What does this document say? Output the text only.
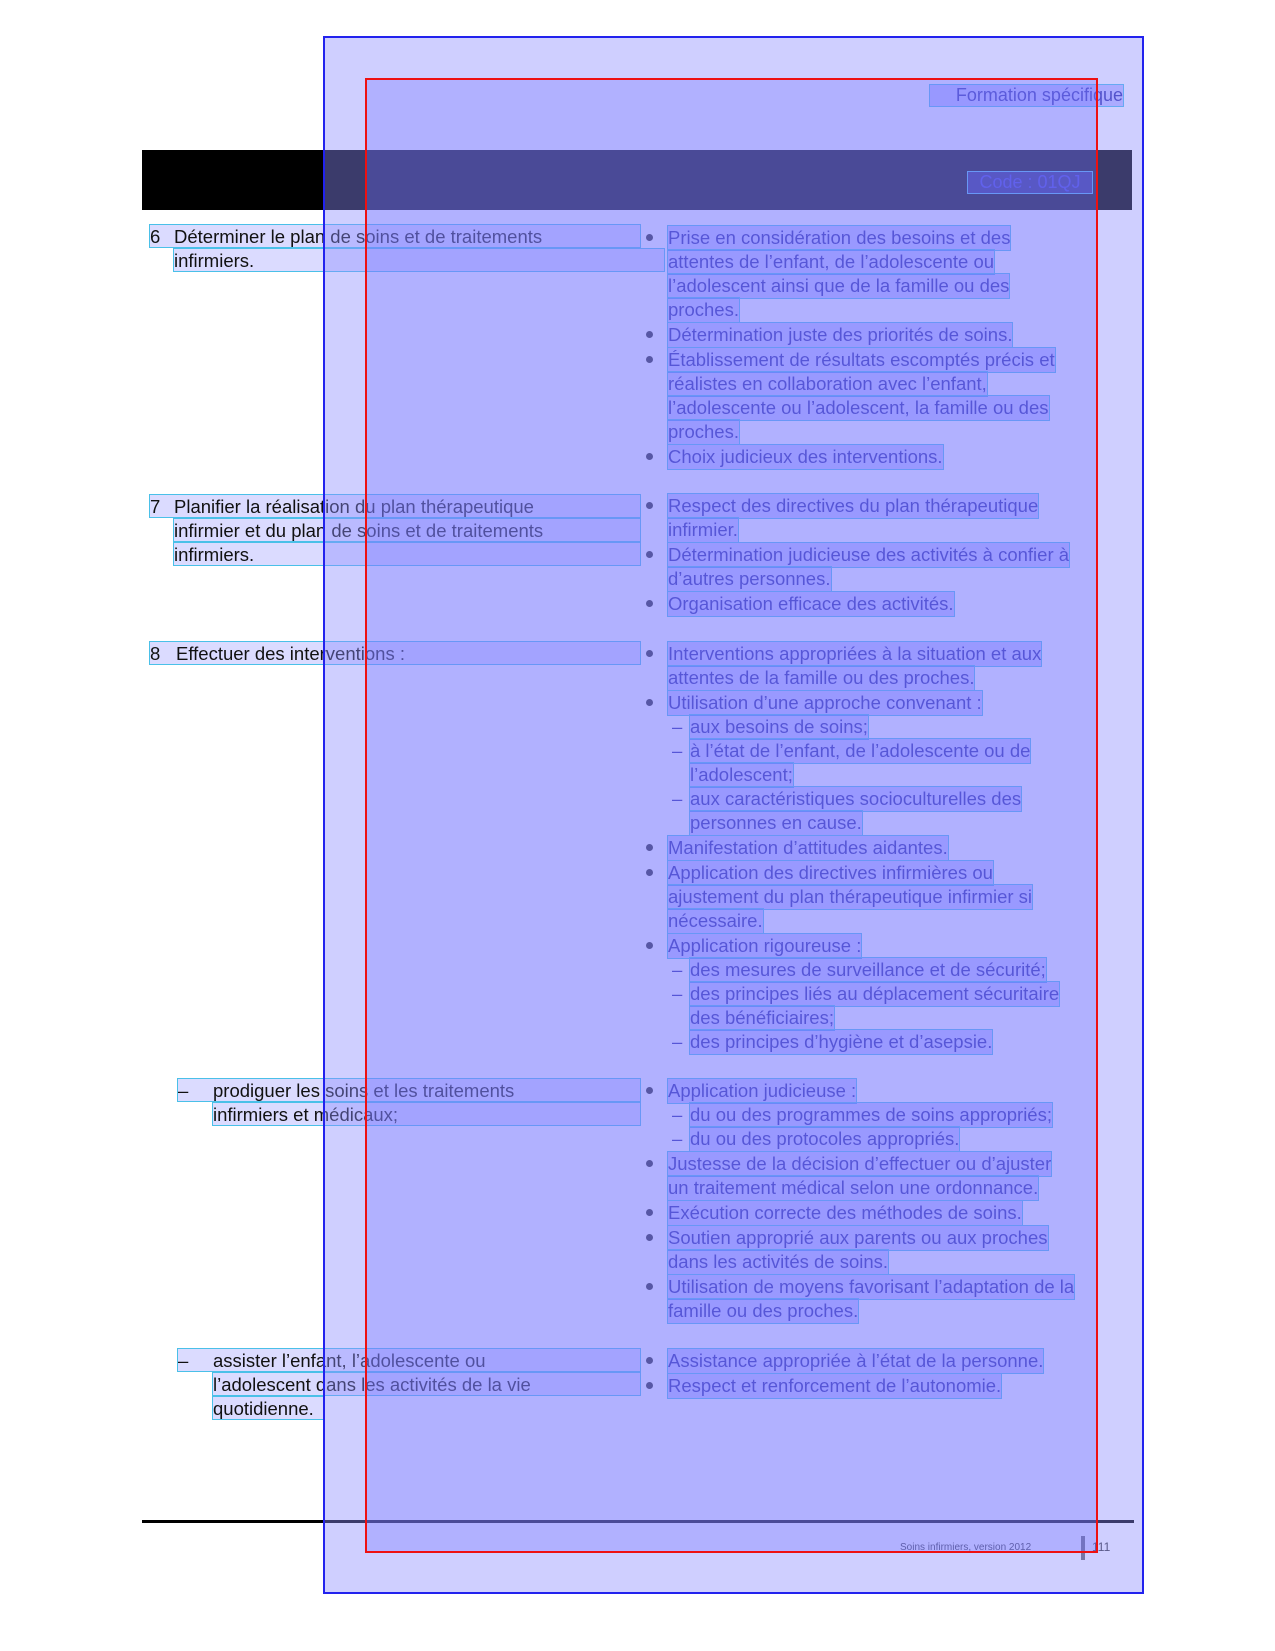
Formation spécifique
Code : 01QJ
6 Déterminer le plan de soins et de traitements
infirmiers.
7 Planifier la réalisation du plan thérapeutique
infirmier et du plan de soins et de traitements
infirmiers.
8 Effectuer des interventions :
– prodiguer les soins et les traitements
infirmiers et médicaux;
– assister l’enfant, l’adolescente ou
l’adolescent dans les activités de la vie
quotidienne.
Prise en considération des besoins et des
attentes de l’enfant, de l’adolescente ou
l’adolescent ainsi que de la famille ou des
proches.
Détermination juste des priorités de soins.
Établissement de résultats escomptés précis et
réalistes en collaboration avec l’enfant,
l’adolescente ou l’adolescent, la famille ou des
proches.
Choix judicieux des interventions.
Respect des directives du plan thérapeutique
infirmier.
Détermination judicieuse des activités à confier à
d’autres personnes.
Organisation efficace des activités.
Interventions appropriées à la situation et aux
attentes de la famille ou des proches.
Utilisation d’une approche convenant :
– aux besoins de soins;
– à l’état de l’enfant, de l’adolescente ou de
l’adolescent;
– aux caractéristiques socioculturelles des
personnes en cause.
Manifestation d’attitudes aidantes.
Application des directives infirmières ou
ajustement du plan thérapeutique infirmier si
nécessaire.
Application rigoureuse :
– des mesures de surveillance et de sécurité;
– des principes liés au déplacement sécuritaire
des bénéficiaires;
– des principes d’hygiène et d’asepsie.
Application judicieuse :
– du ou des programmes de soins appropriés;
– du ou des protocoles appropriés.
Justesse de la décision d’effectuer ou d’ajuster
un traitement médical selon une ordonnance.
Exécution correcte des méthodes de soins.
Soutien approprié aux parents ou aux proches
dans les activités de soins.
Utilisation de moyens favorisant l’adaptation de la
famille ou des proches.
Assistance appropriée à l’état de la personne.
Respect et renforcement de l’autonomie.
Soins infirmiers, version 2012	111
